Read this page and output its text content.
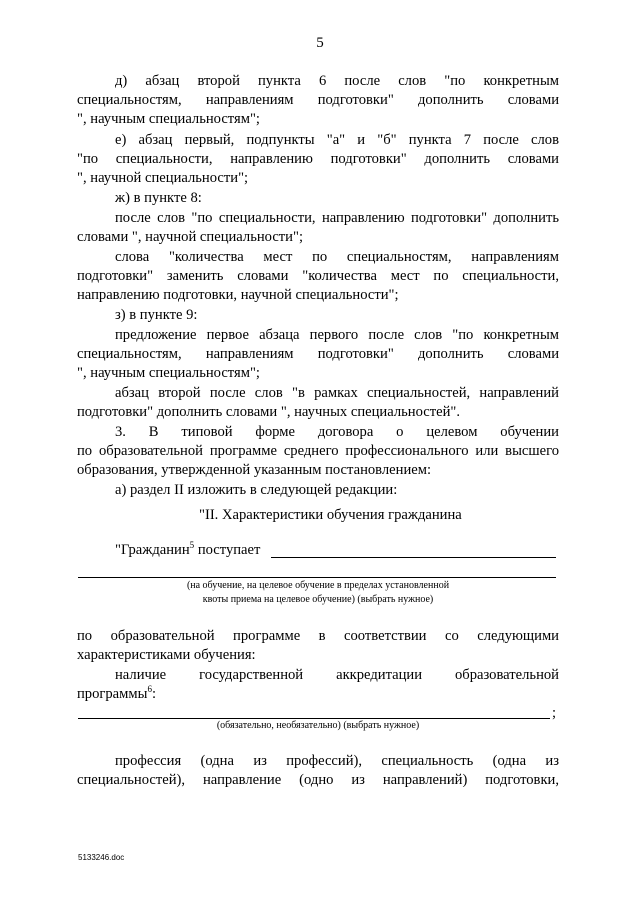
5
д) абзац второй пункта 6 после слов "по конкретным
специальностям, направлениям подготовки" дополнить словами
", научным специальностям";
е) абзац первый, подпункты "а" и "б" пункта 7 после слов
"по специальности, направлению подготовки" дополнить словами
", научной специальности";
ж) в пункте 8:
после слов "по специальности, направлению подготовки" дополнить
словами ", научной специальности";
слова "количества мест по специальностям, направлениям
подготовки" заменить словами "количества мест по специальности,
направлению подготовки, научной специальности";
з) в пункте 9:
предложение первое абзаца первого после слов "по конкретным
специальностям, направлениям подготовки" дополнить словами
", научным специальностям";
абзац второй после слов "в рамках специальностей, направлений
подготовки" дополнить словами ", научных специальностей".
3. В типовой форме договора о целевом обучении
по образовательной программе среднего профессионального или высшего
образования, утвержденной указанным постановлением:
а) раздел II изложить в следующей редакции:
"II. Характеристики обучения гражданина
"Гражданин$^5$ поступает
(на обучение, на целевое обучение в пределах установленной
квоты приема на целевое обучение) (выбрать нужное)
по образовательной программе в соответствии со следующими
характеристиками обучения:
наличие государственной аккредитации образовательной
программы$^6$:
;
(обязательно, необязательно) (выбрать нужное)
профессия (одна из профессий), специальность (одна из
специальностей), направление (одно из направлений) подготовки,
5133246.doc
